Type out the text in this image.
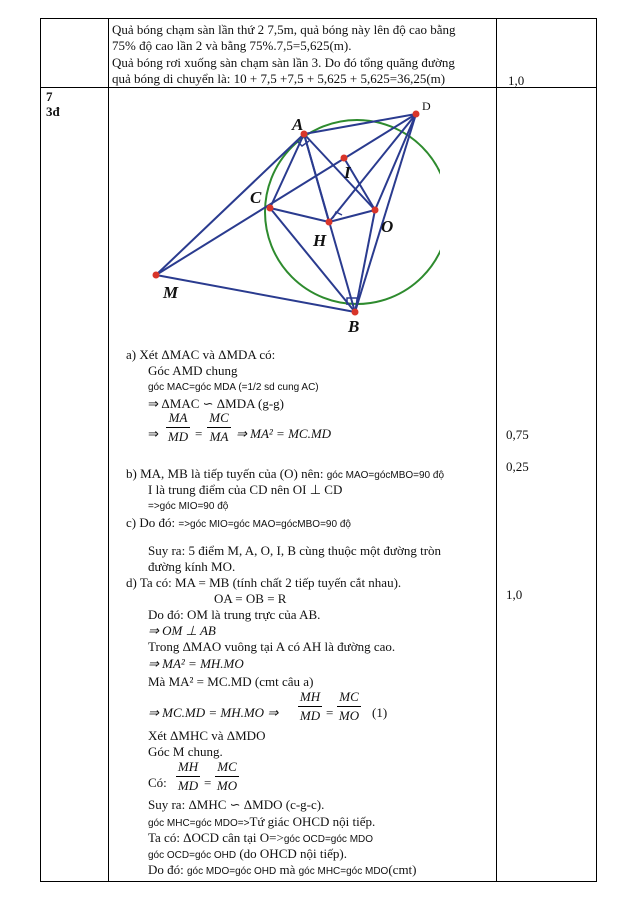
Quả bóng chạm sàn lần thứ 2 7,5m, quả bóng này lên độ cao bằng
75% độ cao lần 2 và bằng 75%.7,5=5,625(m).
Quả bóng rơi xuống sàn chạm sàn lần 3. Do đó tổng quãng đường
quả bóng di chuyển là: 10 + 7,5 +7,5 + 5,625 + 5,625=36,25(m)	1,0
7
3đ
A
D
I
C
H
O
M
B
a) Xét ΔMAC và ΔMDA có:
Góc AMD chung
góc MAC=góc MDA (=1/2 sd cung AC)
⇒ ΔMAC ∽ ΔMDA (g-g)
⇒
MA
MD =
MC
MA ⇒ MA² = MC.MD	0,75
0,25
b) MA, MB là tiếp tuyến của (O) nên: góc MAO=gócMBO=90 độ
I là trung điểm của CD nên OI ⊥ CD
=>góc MIO=90 độ
c) Do đó: =>góc MIO=góc MAO=gócMBO=90 độ
Suy ra: 5 điểm M, A, O, I, B cùng thuộc một đường tròn
đường kính MO.
d) Ta có: MA = MB (tính chất 2 tiếp tuyến cắt nhau).
1,0
OA = OB = R
Do đó: OM là trung trực của AB.
⇒ OM ⊥ AB
Trong ΔMAO vuông tại A có AH là đường cao.
⇒ MA² = MH.MO
Mà MA² = MC.MD (cmt câu a)
⇒ MC.MD = MH.MO ⇒
MH
MD =
MC
MO (1)
Xét ΔMHC và ΔMDO
Góc M chung.
Có:
MH
MD =
MC
MO
Suy ra: ΔMHC ∽ ΔMDO (c-g-c).
góc MHC=góc MDO=>Tứ giác OHCD nội tiếp.
Ta có: ΔOCD cân tại O=>góc OCD=góc MDO
góc OCD=góc OHD (do OHCD nội tiếp).
Do đó: góc MDO=góc OHD mà góc MHC=góc MDO(cmt)
